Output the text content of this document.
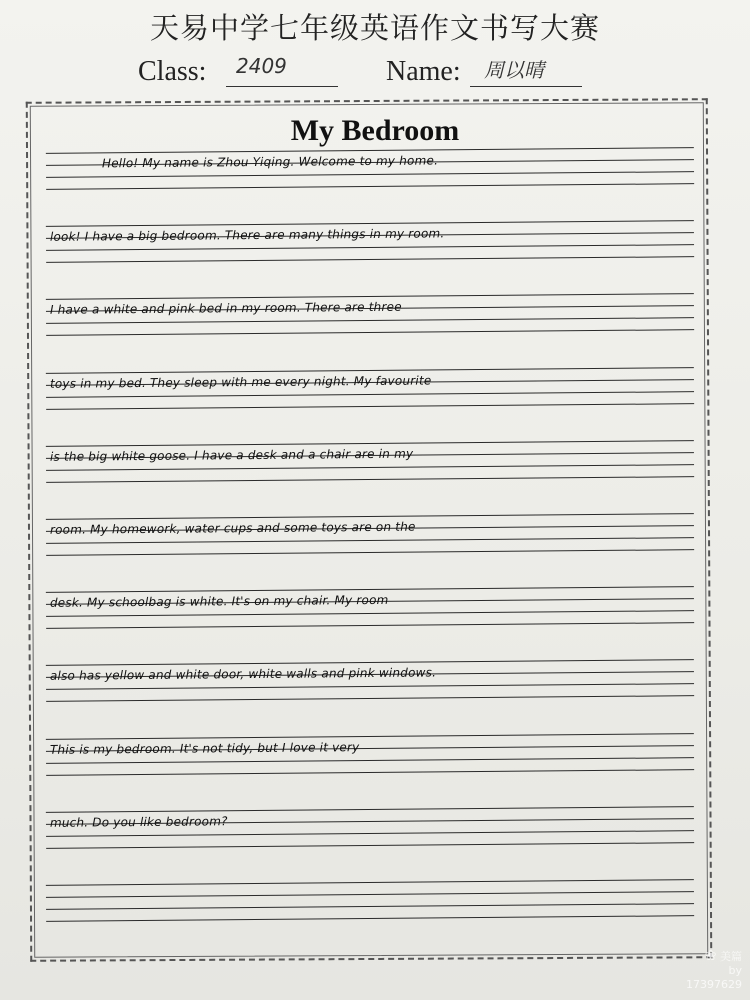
天易中学七年级英语作文书写大赛
Class: 2409	Name: 周以晴
My Bedroom
Hello! My name is Zhou Yiqing. Welcome to my home.
look! I have a big bedroom. There are many things in my room.
I have a white and pink bed in my room. There are three
toys in my bed. They sleep with me every night. My favourite
is the big white goose. I have a desk and a chair are in my
room. My homework, water cups and some toys are on the
desk. My schoolbag is white. It's on my chair. My room
also has yellow and white door, white walls and pink windows.
This is my bedroom. It's not tidy, but I love it very
much. Do you like bedroom?
❀ 美篇
by
17397629
